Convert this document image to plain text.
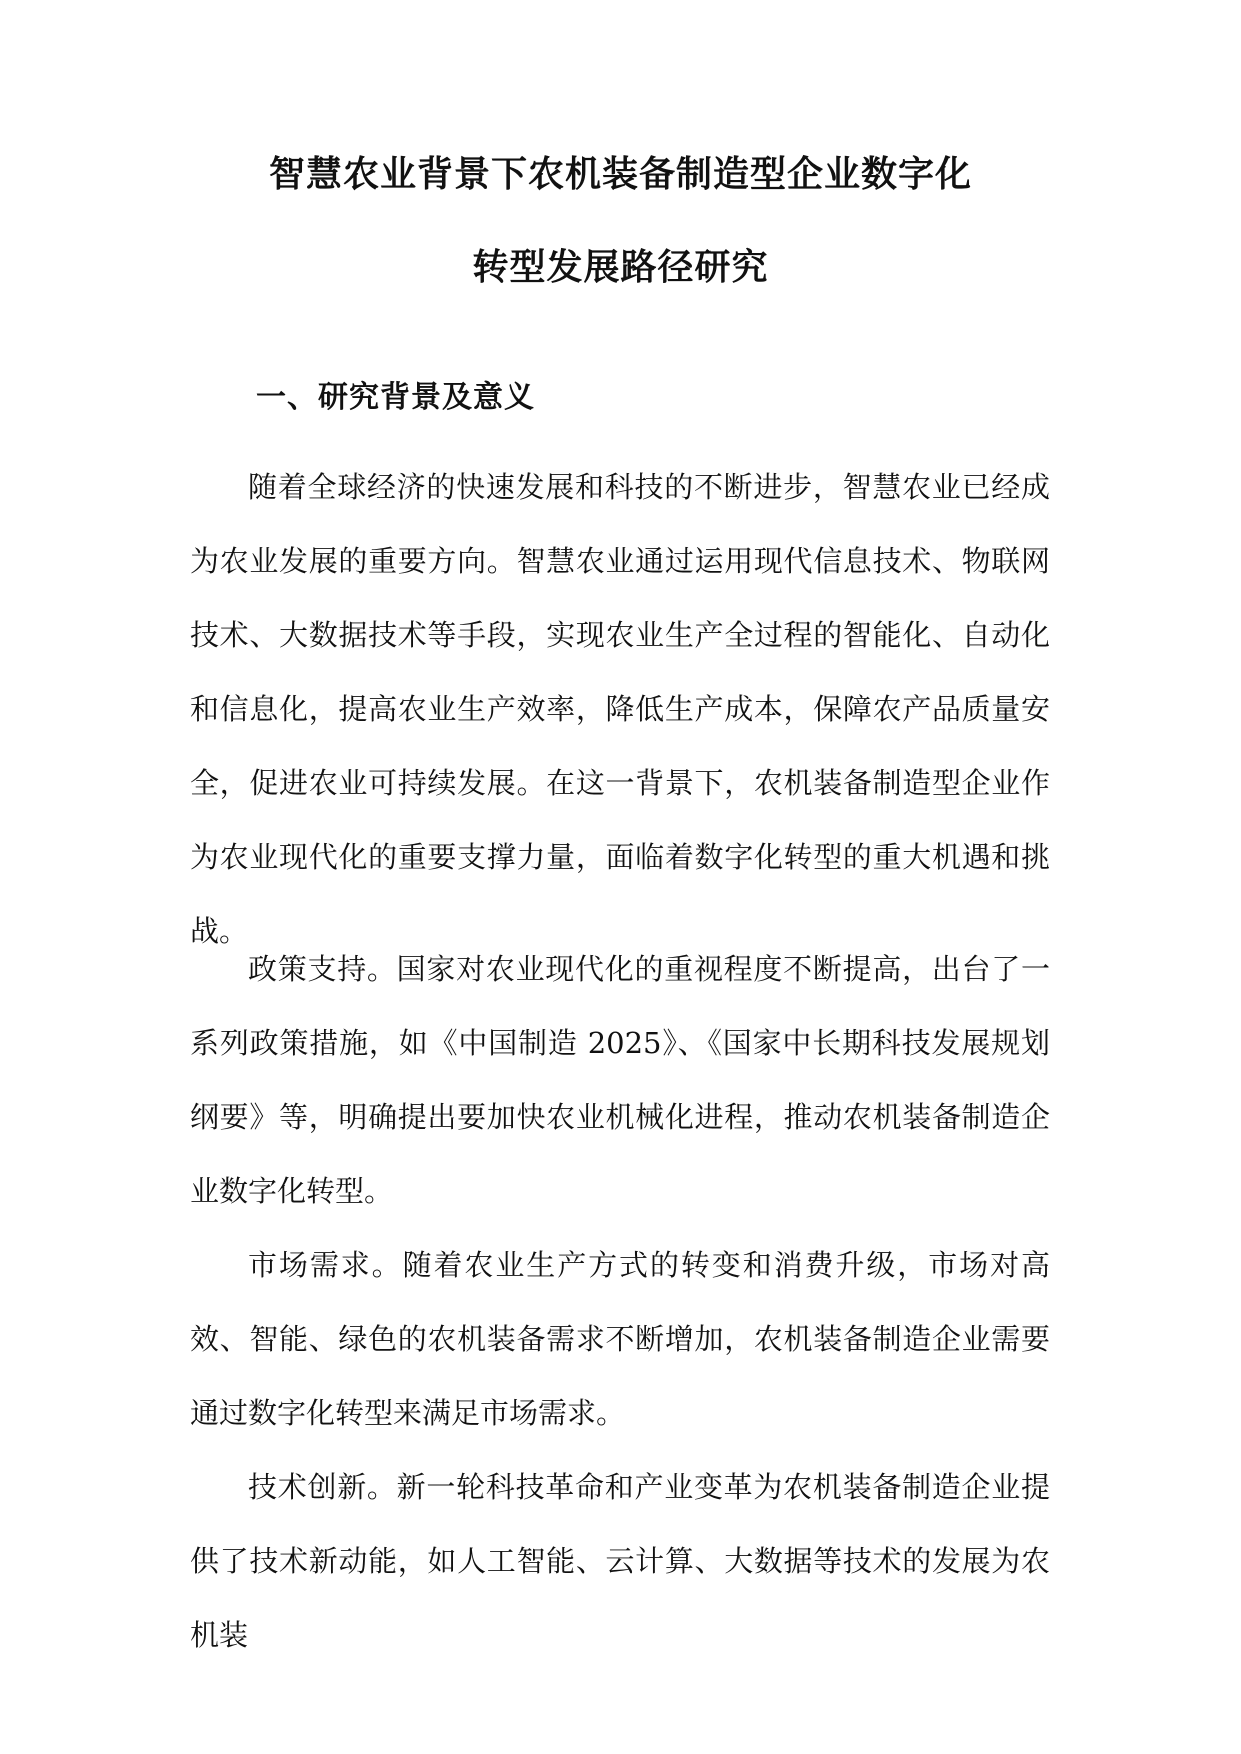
智慧农业背景下农机装备制造型企业数字化
转型发展路径研究
一、研究背景及意义

随着全球经济的快速发展和科技的不断进步，智慧农业已经成为农业发展的重要方向。智慧农业通过运用现代信息技术、物联网技术、大数据技术等手段，实现农业生产全过程的智能化、自动化和信息化，提高农业生产效率，降低生产成本，保障农产品质量安全，促进农业可持续发展。在这一背景下，农机装备制造型企业作为农业现代化的重要支撑力量，面临着数字化转型的重大机遇和挑战。

政策支持。国家对农业现代化的重视程度不断提高，出台了一系列政策措施，如《中国制造 2025》、《国家中长期科技发展规划纲要》等，明确提出要加快农业机械化进程，推动农机装备制造企业数字化转型。

市场需求。随着农业生产方式的转变和消费升级，市场对高效、智能、绿色的农机装备需求不断增加，农机装备制造企业需要通过数字化转型来满足市场需求。

技术创新。新一轮科技革命和产业变革为农机装备制造企业提供了技术新动能，如人工智能、云计算、大数据等技术的发展为农机装
